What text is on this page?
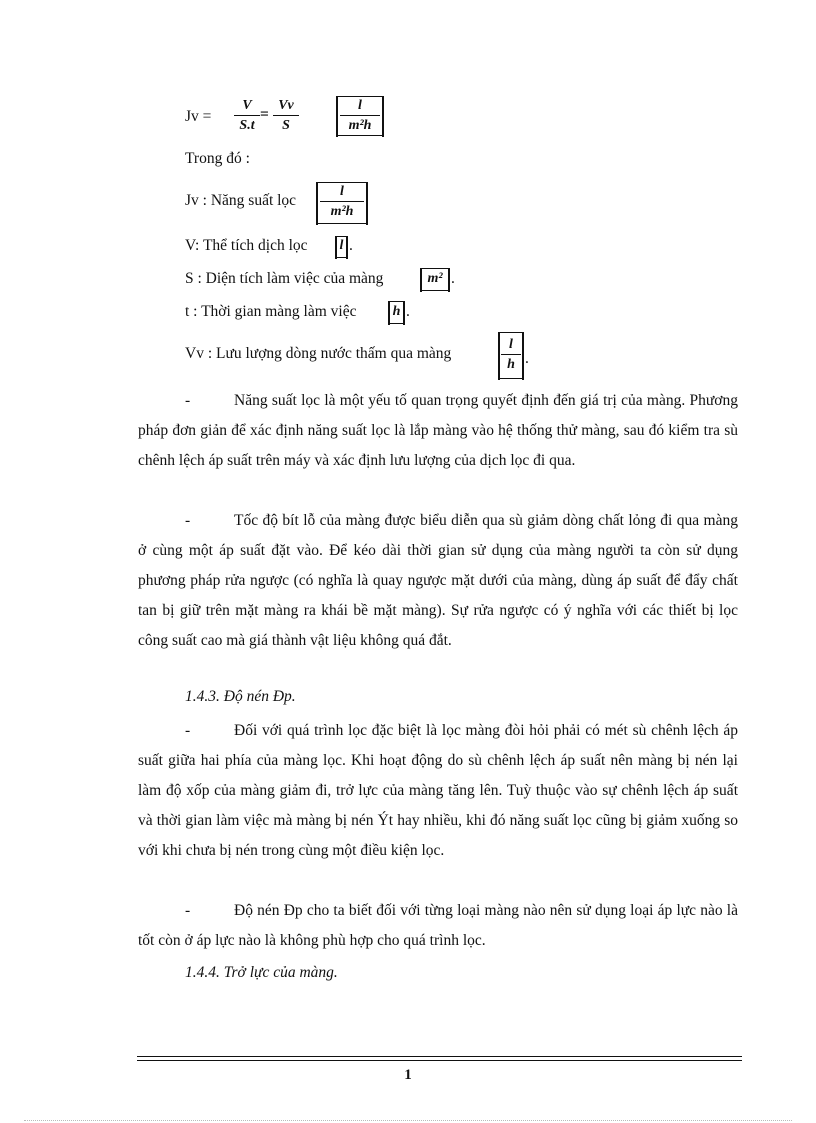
Jv =
V
S.t
=
Vv
S
l
m²h
Trong đó :
Jv : Năng suất lọc
l
m²h
V: Thể tích dịch lọc	l .
S : Diện tích làm việc của màng	m² .
t : Thời gian màng làm việc	h .
Vv : Lưu lượng dòng nước thấm qua màng
l
h .
-	Năng suất lọc là một yếu tố quan trọng quyết định đến giá trị của màng. Phương pháp đơn giản để xác định năng suất lọc là lắp màng vào hệ thống thử màng, sau đó kiểm tra sù chênh lệch áp suất trên máy và xác định lưu lượng của dịch lọc đi qua.
-	Tốc độ bít lỗ của màng được biểu diễn qua sù giảm dòng chất lỏng đi qua màng ở cùng một áp suất đặt vào. Để kéo dài thời gian sử dụng của màng người ta còn sử dụng phương pháp rửa ngược (có nghĩa là quay ngược mặt dưới của màng, dùng áp suất để đẩy chất tan bị giữ trên mặt màng ra khái bề mặt màng). Sự rửa ngược có ý nghĩa với các thiết bị lọc công suất cao mà giá thành vật liệu không quá đắt.
1.4.3. Độ nén Đp.
-	Đối với quá trình lọc đặc biệt là lọc màng đòi hỏi phải có mét sù chênh lệch áp suất giữa hai phía của màng lọc. Khi hoạt động do sù chênh lệch áp suất nên màng bị nén lại làm độ xốp của màng giảm đi, trở lực của màng tăng lên. Tuỳ thuộc vào sự chênh lệch áp suất và thời gian làm việc mà màng bị nén Ýt hay nhiều, khi đó năng suất lọc cũng bị giảm xuống so với khi chưa bị nén trong cùng một điều kiện lọc.
-	Độ nén Đp cho ta biết đối với từng loại màng nào nên sử dụng loại áp lực nào là tốt còn ở áp lực nào là không phù hợp cho quá trình lọc.
1.4.4. Trở lực của màng.
1
